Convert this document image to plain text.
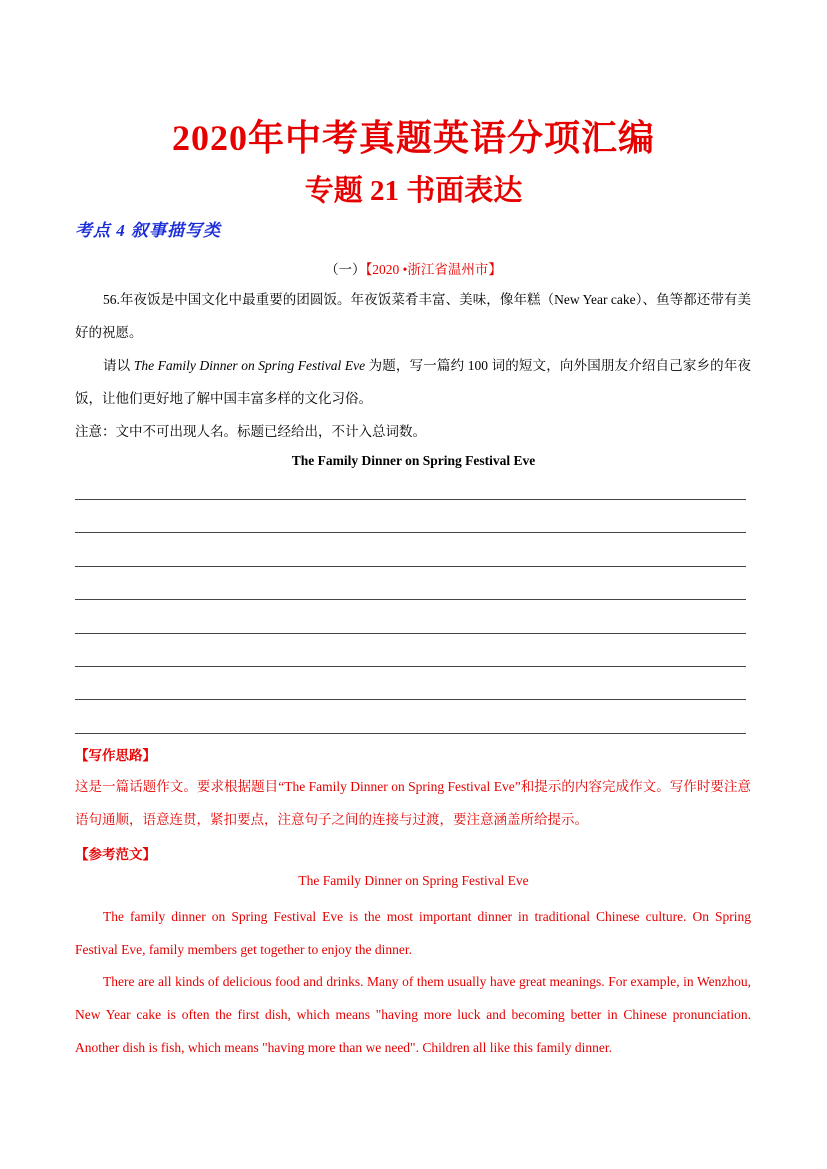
2020年中考真题英语分项汇编
专题 21 书面表达
考点 4 叙事描写类
（一）【2020 •浙江省温州市】
56.年夜饭是中国文化中最重要的团圆饭。年夜饭菜肴丰富、美味，像年糕（New Year cake）、鱼等都还带有美好的祝愿。
请以 The Family Dinner on Spring Festival Eve 为题，写一篇约 100 词的短文，向外国朋友介绍自己家乡的年夜饭，让他们更好地了解中国丰富多样的文化习俗。
注意：文中不可出现人名。标题已经给出，不计入总词数。
The Family Dinner on Spring Festival Eve
【写作思路】
这是一篇话题作文。要求根据题目“The Family Dinner on Spring Festival Eve”和提示的内容完成作文。写作时要注意语句通顺，语意连贯，紧扣要点，注意句子之间的连接与过渡，要注意涵盖所给提示。
【参考范文】
The Family Dinner on Spring Festival Eve
The family dinner on Spring Festival Eve is the most important dinner in traditional Chinese culture. On Spring Festival Eve, family members get together to enjoy the dinner.
There are all kinds of delicious food and drinks. Many of them usually have great meanings. For example, in Wenzhou, New Year cake is often the first dish, which means "having more luck and becoming better in Chinese pronunciation. Another dish is fish, which means "having more than we need". Children all like this family dinner.
